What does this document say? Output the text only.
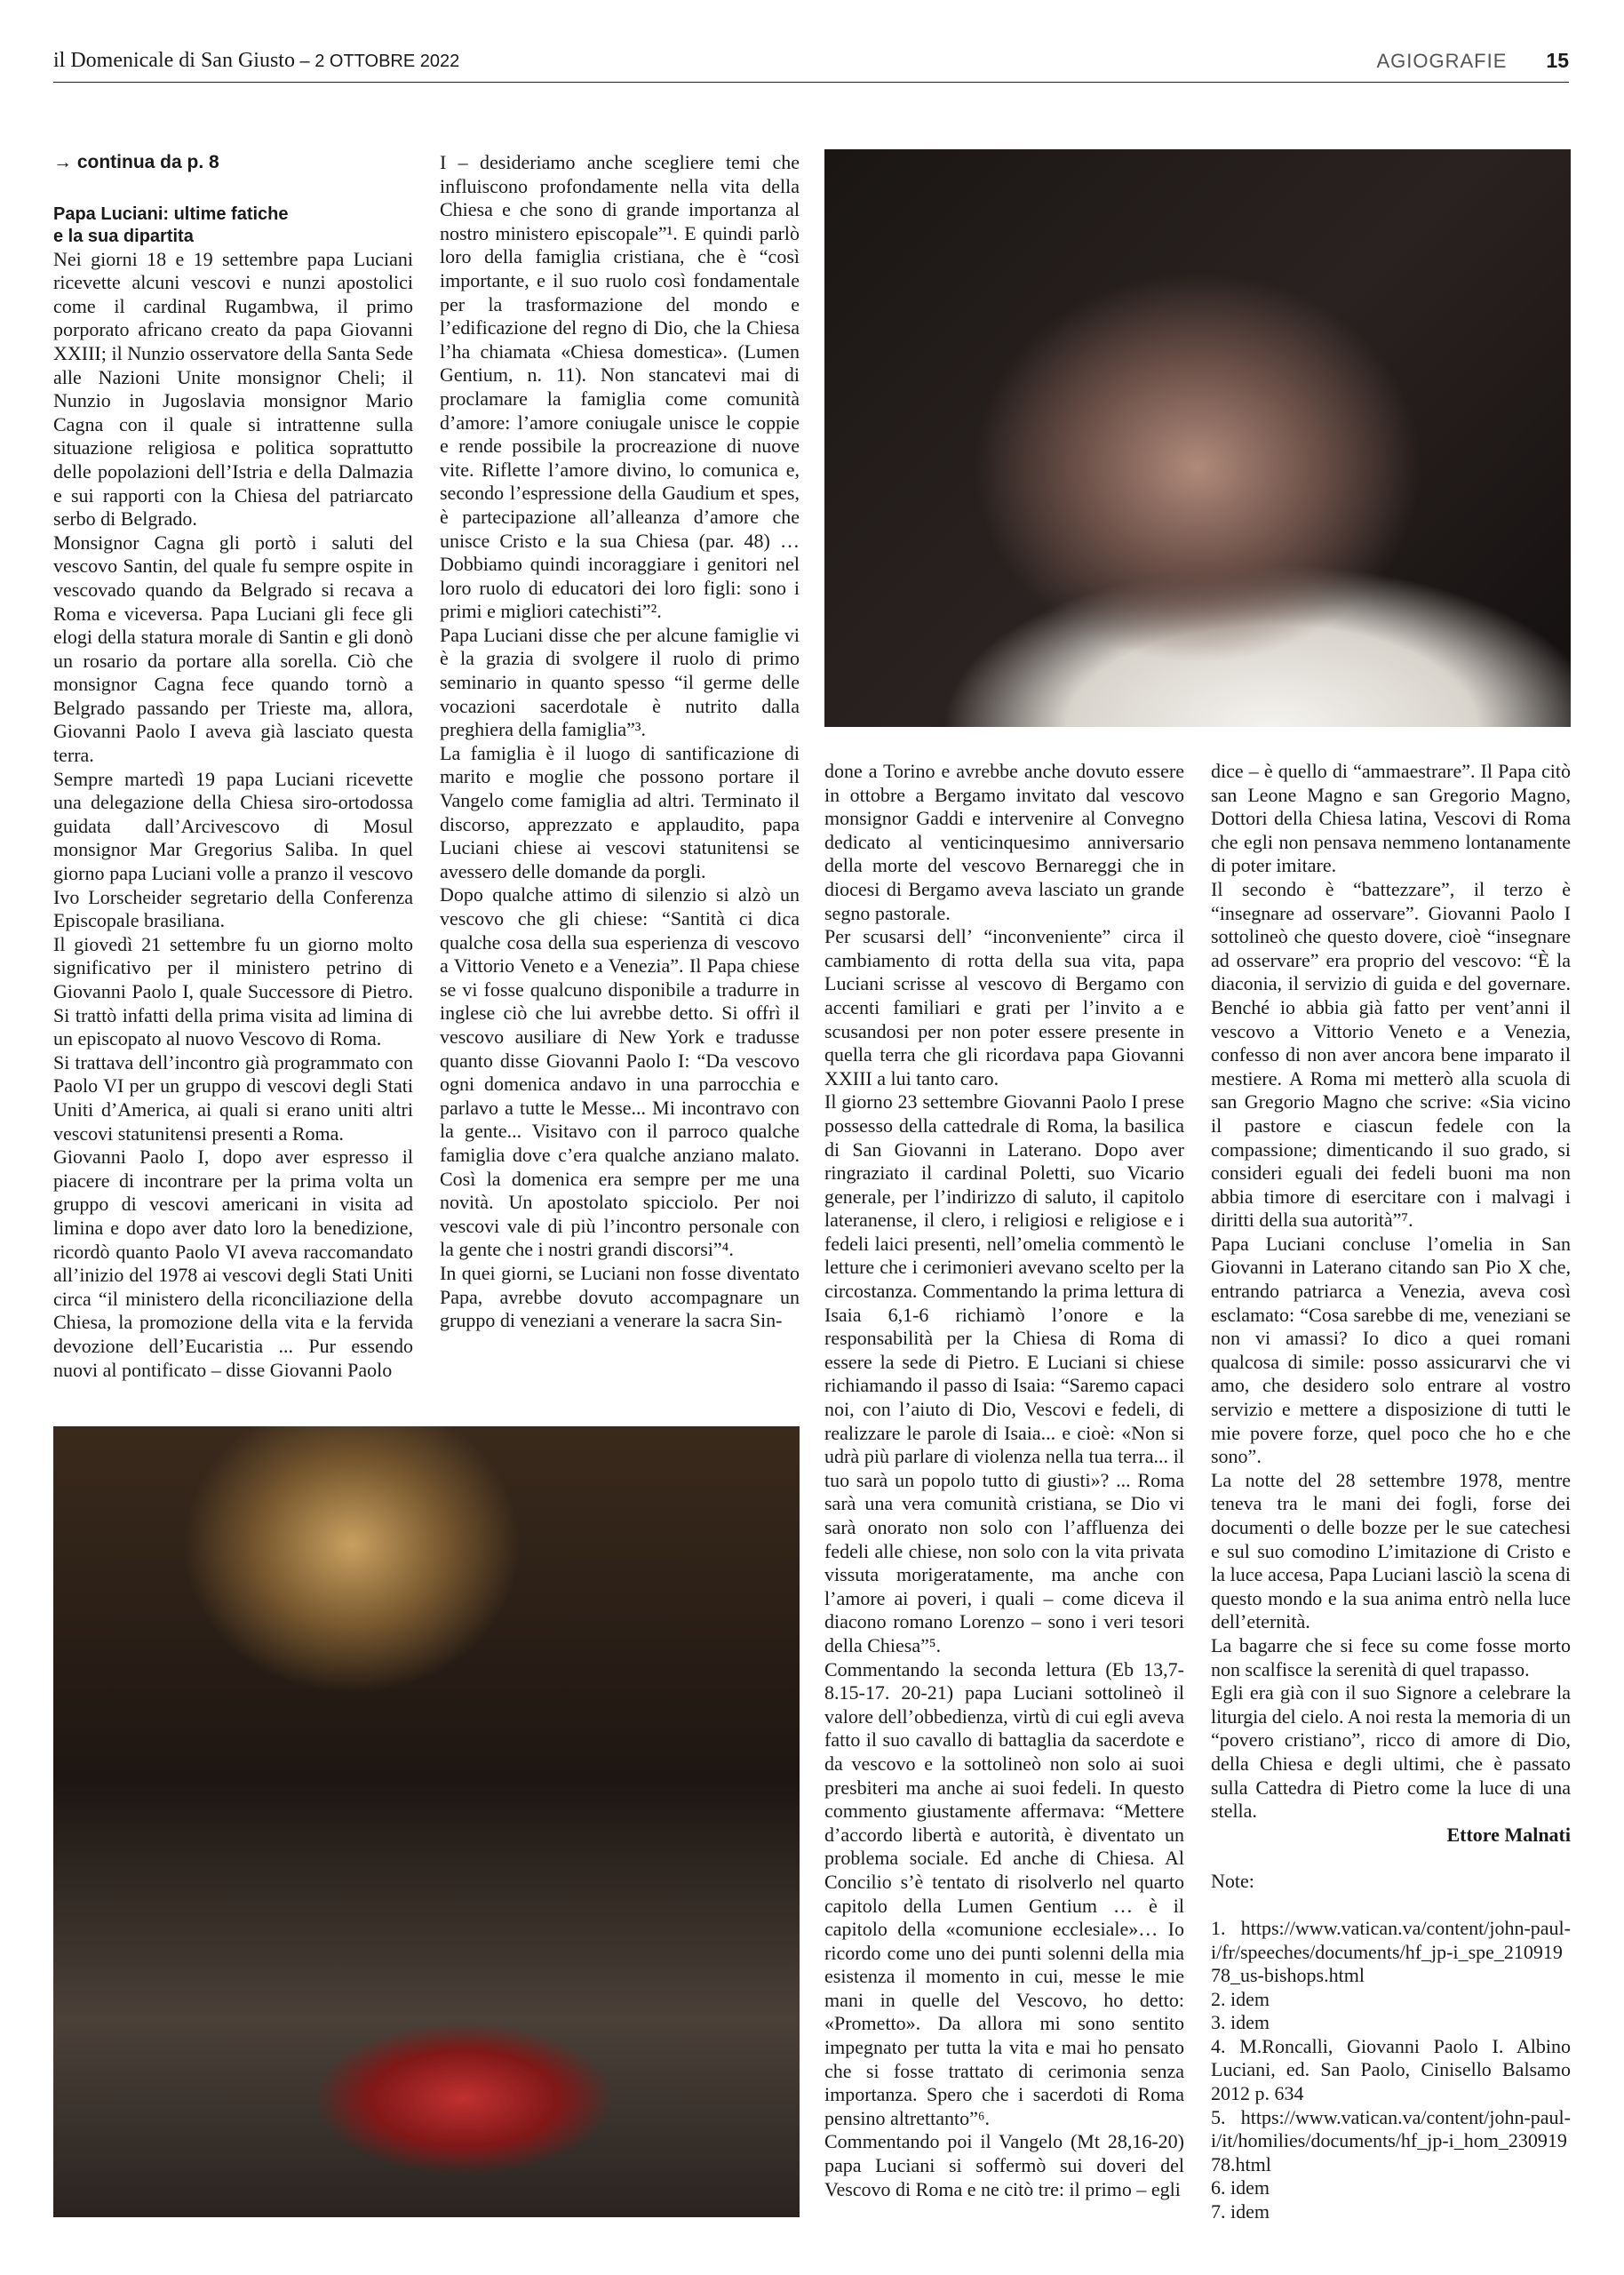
il Domenicale di San Giusto – 2 OTTOBRE 2022	AGIOGRAFIE 15

→ continua da p. 8

Papa Luciani: ultime fatiche

e la sua dipartita

Nei giorni 18 e 19 settembre papa Luciani ricevette alcuni vescovi e nunzi apostolici come il cardinal Rugambwa, il primo porporato africano creato da papa Giovanni XXIII; il Nunzio osservatore della Santa Sede alle Nazioni Unite monsignor Cheli; il Nunzio in Jugoslavia monsignor Mario Cagna con il quale si intrattenne sulla situazione religiosa e politica soprattutto delle popolazioni dell’Istria e della Dalmazia e sui rapporti con la Chiesa del patriarcato serbo di Belgrado.

Monsignor Cagna gli portò i saluti del vescovo Santin, del quale fu sempre ospite in vescovado quando da Belgrado si recava a Roma e viceversa. Papa Luciani gli fece gli elogi della statura morale di Santin e gli donò un rosario da portare alla sorella. Ciò che monsignor Cagna fece quando tornò a Belgrado passando per Trieste ma, allora, Giovanni Paolo I aveva già lasciato questa terra.

Sempre martedì 19 papa Luciani ricevette una delegazione della Chiesa siro-ortodossa guidata dall’Arcivescovo di Mosul monsignor Mar Gregorius Saliba. In quel giorno papa Luciani volle a pranzo il vescovo Ivo Lorscheider segretario della Conferenza Episcopale brasiliana.

Il giovedì 21 settembre fu un giorno molto significativo per il ministero petrino di Giovanni Paolo I, quale Successore di Pietro. Si trattò infatti della prima visita ad limina di un episcopato al nuovo Vescovo di Roma.

Si trattava dell’incontro già programmato con Paolo VI per un gruppo di vescovi degli Stati Uniti d’America, ai quali si erano uniti altri vescovi statunitensi presenti a Roma.

Giovanni Paolo I, dopo aver espresso il piacere di incontrare per la prima volta un gruppo di vescovi americani in visita ad limina e dopo aver dato loro la benedizione, ricordò quanto Paolo VI aveva raccomandato all’inizio del 1978 ai vescovi degli Stati Uniti circa “il ministero della riconciliazione della Chiesa, la promozione della vita e la fervida devozione dell’Eucaristia ... Pur essendo nuovi al pontificato – disse Giovanni Paolo

I – desideriamo anche scegliere temi che influiscono profondamente nella vita della Chiesa e che sono di grande importanza al nostro ministero episcopale”¹. E quindi parlò loro della famiglia cristiana, che è “così importante, e il suo ruolo così fondamentale per la trasformazione del mondo e l’edificazione del regno di Dio, che la Chiesa l’ha chiamata «Chiesa domestica». (Lumen Gentium, n. 11). Non stancatevi mai di proclamare la famiglia come comunità d’amore: l’amore coniugale unisce le coppie e rende possibile la procreazione di nuove vite. Riflette l’amore divino, lo comunica e, secondo l’espressione della Gaudium et spes, è partecipazione all’alleanza d’amore che unisce Cristo e la sua Chiesa (par. 48) … Dobbiamo quindi incoraggiare i genitori nel loro ruolo di educatori dei loro figli: sono i primi e migliori catechisti”².

Papa Luciani disse che per alcune famiglie vi è la grazia di svolgere il ruolo di primo seminario in quanto spesso “il germe delle vocazioni sacerdotale è nutrito dalla preghiera della famiglia”³.

La famiglia è il luogo di santificazione di marito e moglie che possono portare il Vangelo come famiglia ad altri. Terminato il discorso, apprezzato e applaudito, papa Luciani chiese ai vescovi statunitensi se avessero delle domande da porgli.

Dopo qualche attimo di silenzio si alzò un vescovo che gli chiese: “Santità ci dica qualche cosa della sua esperienza di vescovo a Vittorio Veneto e a Venezia”. Il Papa chiese se vi fosse qualcuno disponibile a tradurre in inglese ciò che lui avrebbe detto. Si offrì il vescovo ausiliare di New York e tradusse quanto disse Giovanni Paolo I: “Da vescovo ogni domenica andavo in una parrocchia e parlavo a tutte le Messe... Mi incontravo con la gente... Visitavo con il parroco qualche famiglia dove c’era qualche anziano malato. Così la domenica era sempre per me una novità. Un apostolato spicciolo. Per noi vescovi vale di più l’incontro personale con la gente che i nostri grandi discorsi”⁴.

In quei giorni, se Luciani non fosse diventato Papa, avrebbe dovuto accompagnare un gruppo di veneziani a venerare la sacra Sin-

done a Torino e avrebbe anche dovuto essere in ottobre a Bergamo invitato dal vescovo monsignor Gaddi e intervenire al Convegno dedicato al venticinquesimo anniversario della morte del vescovo Bernareggi che in diocesi di Bergamo aveva lasciato un grande segno pastorale.

Per scusarsi dell’ “inconveniente” circa il cambiamento di rotta della sua vita, papa Luciani scrisse al vescovo di Bergamo con accenti familiari e grati per l’invito a e scusandosi per non poter essere presente in quella terra che gli ricordava papa Giovanni XXIII a lui tanto caro.

Il giorno 23 settembre Giovanni Paolo I prese possesso della cattedrale di Roma, la basilica di San Giovanni in Laterano. Dopo aver ringraziato il cardinal Poletti, suo Vicario generale, per l’indirizzo di saluto, il capitolo lateranense, il clero, i religiosi e religiose e i fedeli laici presenti, nell’omelia commentò le letture che i cerimonieri avevano scelto per la circostanza. Commentando la prima lettura di Isaia 6,1-6 richiamò l’onore e la responsabilità per la Chiesa di Roma di essere la sede di Pietro. E Luciani si chiese richiamando il passo di Isaia: “Saremo capaci noi, con l’aiuto di Dio, Vescovi e fedeli, di realizzare le parole di Isaia... e cioè: «Non si udrà più parlare di violenza nella tua terra... il tuo sarà un popolo tutto di giusti»? ... Roma sarà una vera comunità cristiana, se Dio vi sarà onorato non solo con l’affluenza dei fedeli alle chiese, non solo con la vita privata vissuta morigeratamente, ma anche con l’amore ai poveri, i quali – come diceva il diacono romano Lorenzo – sono i veri tesori della Chiesa”⁵.

Commentando la seconda lettura (Eb 13,7-8.15-17. 20-21) papa Luciani sottolineò il valore dell’obbedienza, virtù di cui egli aveva fatto il suo cavallo di battaglia da sacerdote e da vescovo e la sottolineò non solo ai suoi presbiteri ma anche ai suoi fedeli. In questo commento giustamente affermava: “Mettere d’accordo libertà e autorità, è diventato un problema sociale. Ed anche di Chiesa. Al Concilio s’è tentato di risolverlo nel quarto capitolo della Lumen Gentium … è il capitolo della «comunione ecclesiale»… Io ricordo come uno dei punti solenni della mia esistenza il momento in cui, messe le mie mani in quelle del Vescovo, ho detto: «Prometto». Da allora mi sono sentito impegnato per tutta la vita e mai ho pensato che si fosse trattato di cerimonia senza importanza. Spero che i sacerdoti di Roma pensino altrettanto”⁶.

Commentando poi il Vangelo (Mt 28,16-20) papa Luciani si soffermò sui doveri del Vescovo di Roma e ne citò tre: il primo – egli

dice – è quello di “ammaestrare”. Il Papa citò san Leone Magno e san Gregorio Magno, Dottori della Chiesa latina, Vescovi di Roma che egli non pensava nemmeno lontanamente di poter imitare.

Il secondo è “battezzare”, il terzo è “insegnare ad osservare”. Giovanni Paolo I sottolineò che questo dovere, cioè “insegnare ad osservare” era proprio del vescovo: “È la diaconia, il servizio di guida e del governare. Benché io abbia già fatto per vent’anni il vescovo a Vittorio Veneto e a Venezia, confesso di non aver ancora bene imparato il mestiere. A Roma mi metterò alla scuola di san Gregorio Magno che scrive: «Sia vicino il pastore e ciascun fedele con la compassione; dimenticando il suo grado, si consideri eguali dei fedeli buoni ma non abbia timore di esercitare con i malvagi i diritti della sua autorità”⁷.

Papa Luciani concluse l’omelia in San Giovanni in Laterano citando san Pio X che, entrando patriarca a Venezia, aveva così esclamato: “Cosa sarebbe di me, veneziani se non vi amassi? Io dico a quei romani qualcosa di simile: posso assicurarvi che vi amo, che desidero solo entrare al vostro servizio e mettere a disposizione di tutti le mie povere forze, quel poco che ho e che sono”.

La notte del 28 settembre 1978, mentre teneva tra le mani dei fogli, forse dei documenti o delle bozze per le sue catechesi e sul suo comodino L’imitazione di Cristo e la luce accesa, Papa Luciani lasciò la scena di questo mondo e la sua anima entrò nella luce dell’eternità.

La bagarre che si fece su come fosse morto non scalfisce la serenità di quel trapasso.

Egli era già con il suo Signore a celebrare la liturgia del cielo. A noi resta la memoria di un “povero cristiano”, ricco di amore di Dio, della Chiesa e degli ultimi, che è passato sulla Cattedra di Pietro come la luce di una stella.

Ettore Malnati

Note:

1. https://www.vatican.va/content/john-paul-i/fr/speeches/documents/hf_jp-i_spe_21091978_us-bishops.html

2. idem

3. idem

4. M.Roncalli, Giovanni Paolo I. Albino Luciani, ed. San Paolo, Cinisello Balsamo 2012 p. 634

5. https://www.vatican.va/content/john-paul-i/it/homilies/documents/hf_jp-i_hom_23091978.html

6. idem

7. idem
